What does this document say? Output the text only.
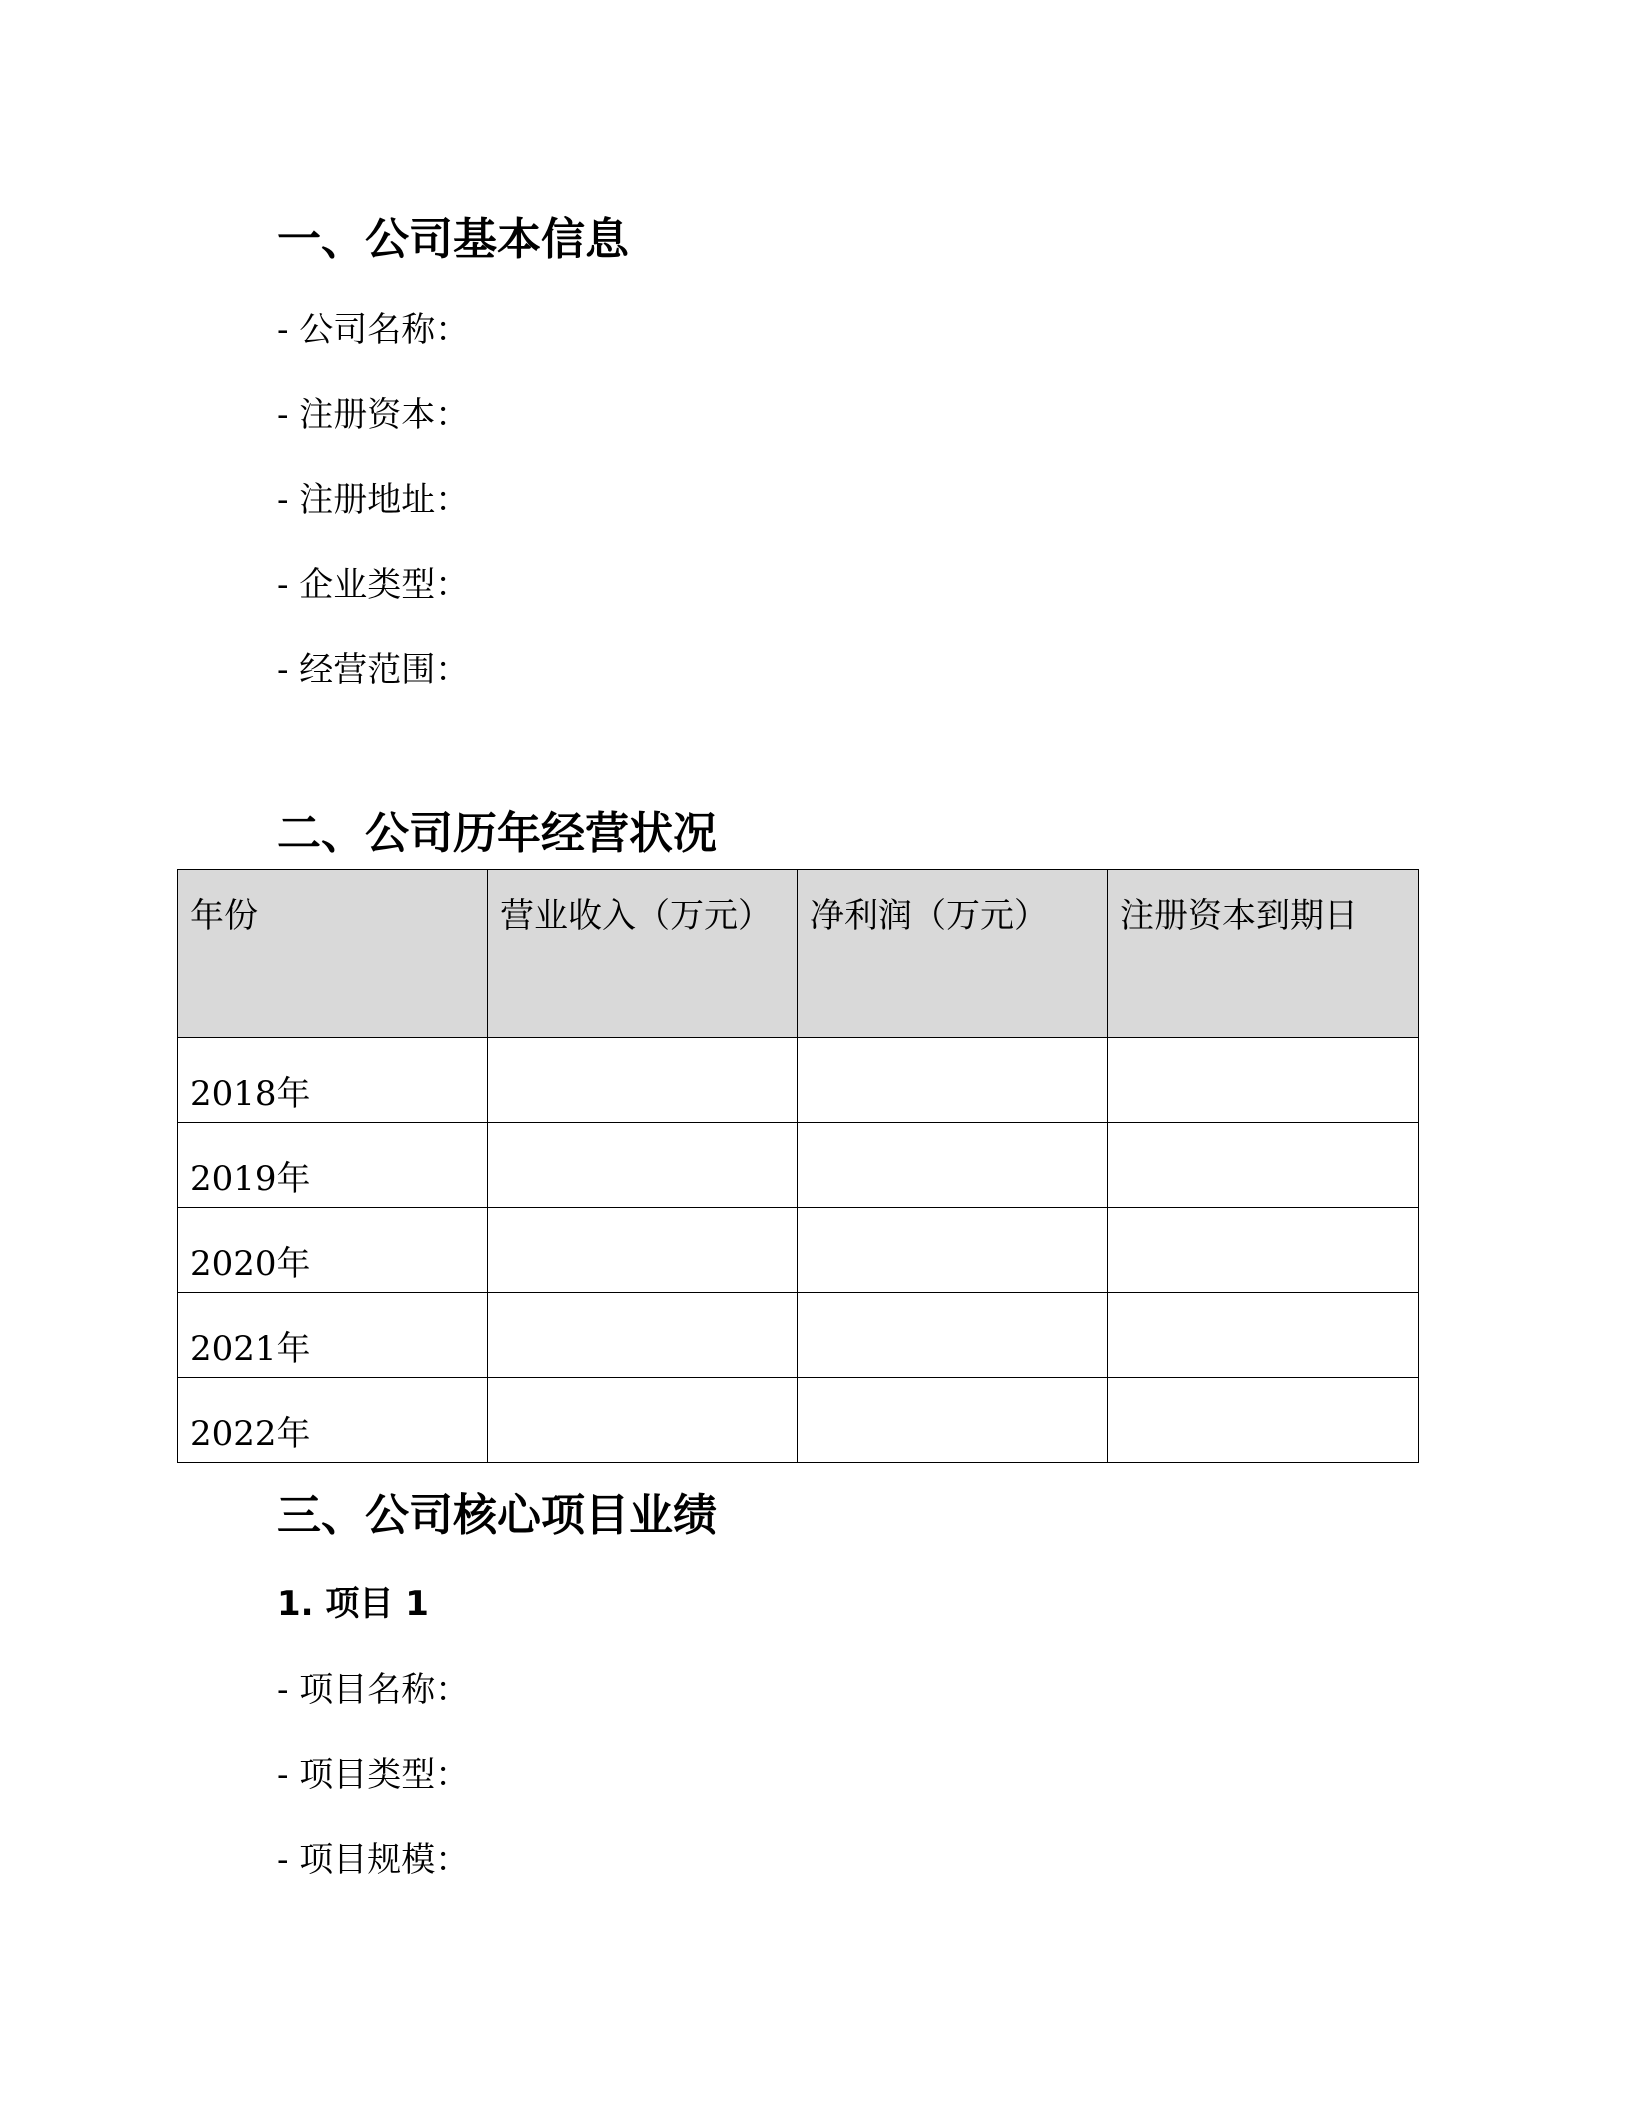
一、公司基本信息

- 公司名称：

- 注册资本：

- 注册地址：

- 企业类型：

- 经营范围：

二、公司历年经营状况
年份	营业收入（万元）	净利润（万元）	注册资本到期日
2018年			
2019年			
2020年			
2021年			
2022年			
三、公司核心项目业绩
1. 项目 1

- 项目名称：

- 项目类型：

- 项目规模：
